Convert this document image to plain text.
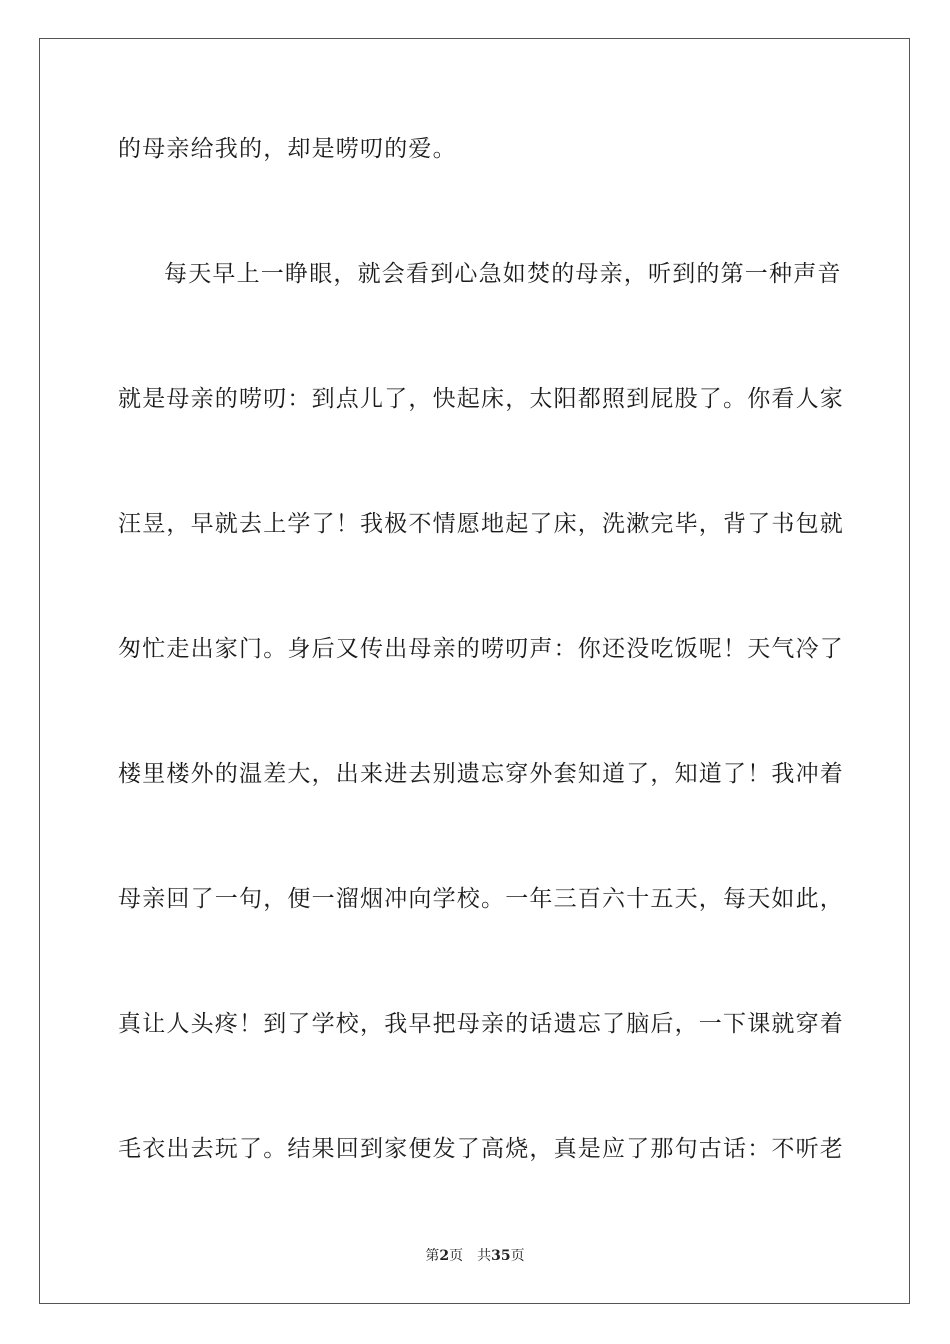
的母亲给我的，却是唠叨的爱。
每天早上一睁眼，就会看到心急如焚的母亲，听到的第一种声音
就是母亲的唠叨：到点儿了，快起床，太阳都照到屁股了。你看人家
汪昱，早就去上学了！我极不情愿地起了床，洗漱完毕，背了书包就
匆忙走出家门。身后又传出母亲的唠叨声：你还没吃饭呢！天气冷了
楼里楼外的温差大，出来进去别遗忘穿外套知道了，知道了！我冲着
母亲回了一句，便一溜烟冲向学校。一年三百六十五天，每天如此，
真让人头疼！到了学校，我早把母亲的话遗忘了脑后，一下课就穿着
毛衣出去玩了。结果回到家便发了高烧，真是应了那句古话：不听老
第2页 共35页
